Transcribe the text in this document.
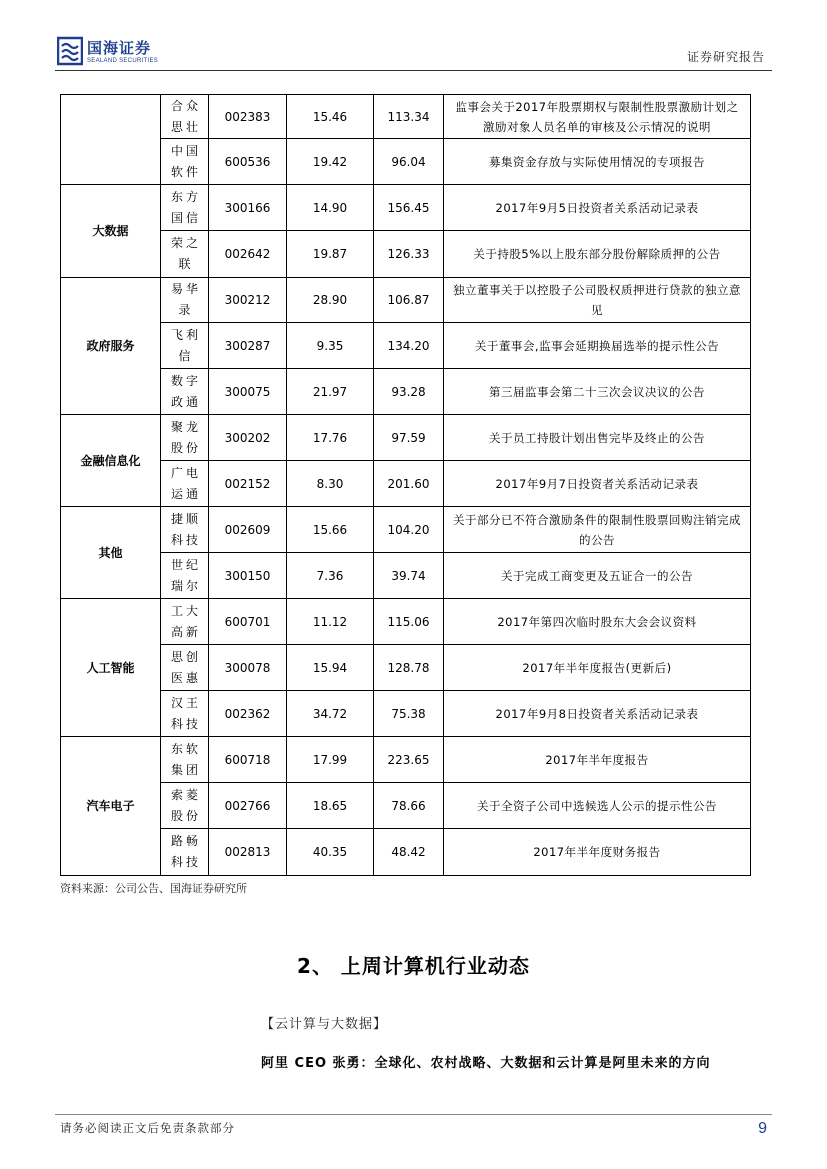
国海证券
SEALAND SECURITIES	证券研究报告
	合众思壮	002383	15.46	113.34	监事会关于2017年股票期权与限制性股票激励计划之激励对象人员名单的审核及公示情况的说明
	中国软件	600536	19.42	96.04	募集资金存放与实际使用情况的专项报告
大数据	东方国信	300166	14.90	156.45	2017年9月5日投资者关系活动记录表
	荣之联	002642	19.87	126.33	关于持股5%以上股东部分股份解除质押的公告
政府服务	易华录	300212	28.90	106.87	独立董事关于以控股子公司股权质押进行贷款的独立意见
	飞利信	300287	9.35	134.20	关于董事会,监事会延期换届选举的提示性公告
	数字政通	300075	21.97	93.28	第三届监事会第二十三次会议决议的公告
金融信息化	聚龙股份	300202	17.76	97.59	关于员工持股计划出售完毕及终止的公告
	广电运通	002152	8.30	201.60	2017年9月7日投资者关系活动记录表
其他	捷顺科技	002609	15.66	104.20	关于部分已不符合激励条件的限制性股票回购注销完成的公告
	世纪瑞尔	300150	7.36	39.74	关于完成工商变更及五证合一的公告
人工智能	工大高新	600701	11.12	115.06	2017年第四次临时股东大会会议资料
	思创医惠	300078	15.94	128.78	2017年半年度报告(更新后)
	汉王科技	002362	34.72	75.38	2017年9月8日投资者关系活动记录表
汽车电子	东软集团	600718	17.99	223.65	2017年半年度报告
	索菱股份	002766	18.65	78.66	关于全资子公司中选候选人公示的提示性公告
	路畅科技	002813	40.35	48.42	2017年半年度财务报告
资料来源：公司公告、国海证券研究所
2、 上周计算机行业动态
【云计算与大数据】
阿里 CEO 张勇：全球化、农村战略、大数据和云计算是阿里未来的方向
请务必阅读正文后免责条款部分	9
